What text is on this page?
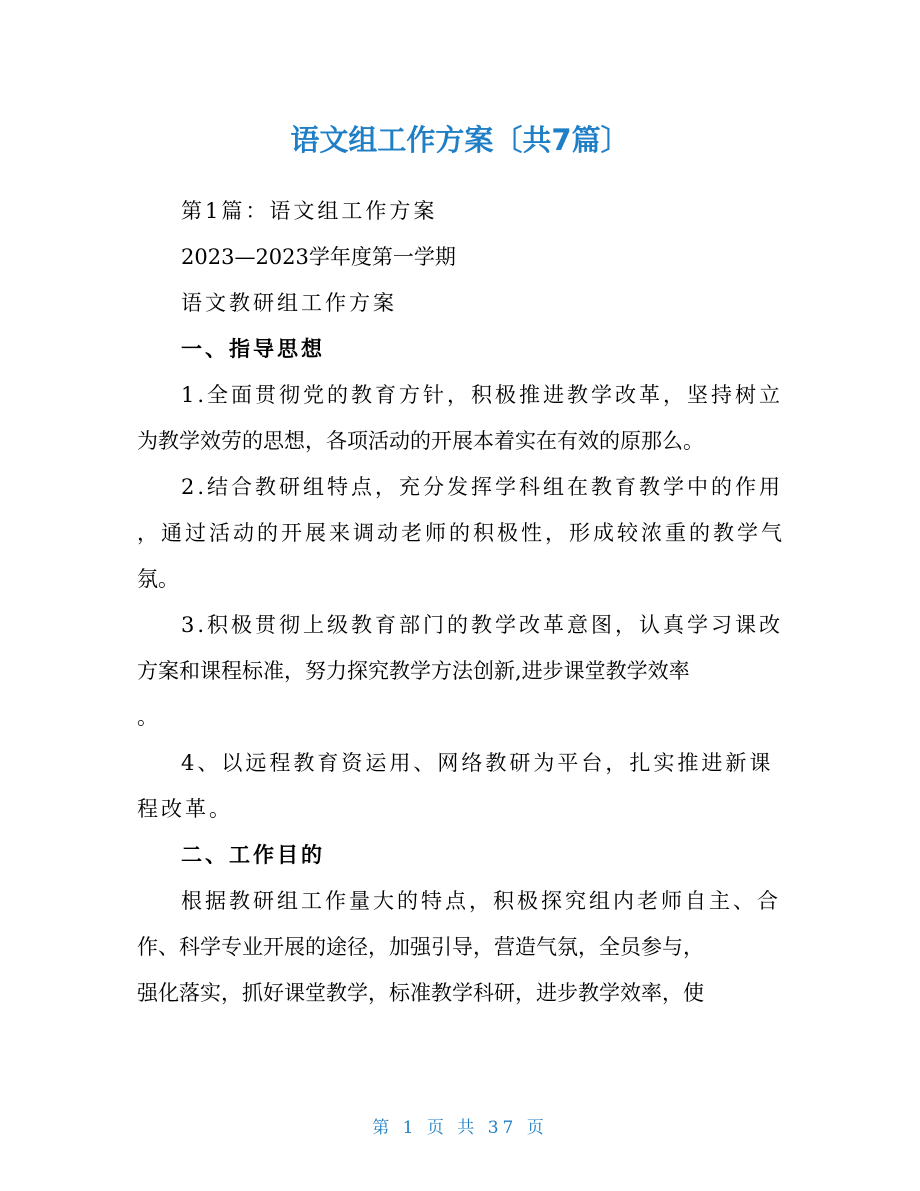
语文组工作方案〔共7篇〕
第1篇：语文组工作方案
2023—2023学年度第一学期
语文教研组工作方案
一、指导思想
1.全面贯彻党的教育方针，积极推进教学改革，坚持树立
为教学效劳的思想，各项活动的开展本着实在有效的原那么。
2.结合教研组特点，充分发挥学科组在教育教学中的作用
，通过活动的开展来调动老师的积极性，形成较浓重的教学气
氛。
3.积极贯彻上级教育部门的教学改革意图，认真学习课改
方案和课程标准，努力探究教学方法创新,进步课堂教学效率
。
4、以远程教育资运用、网络教研为平台，扎实推进新课
程改革。
二、工作目的
根据教研组工作量大的特点，积极探究组内老师自主、合
作、科学专业开展的途径，加强引导，营造气氛，全员参与，
强化落实，抓好课堂教学，标准教学科研，进步教学效率，使
第 1 页 共 37 页
